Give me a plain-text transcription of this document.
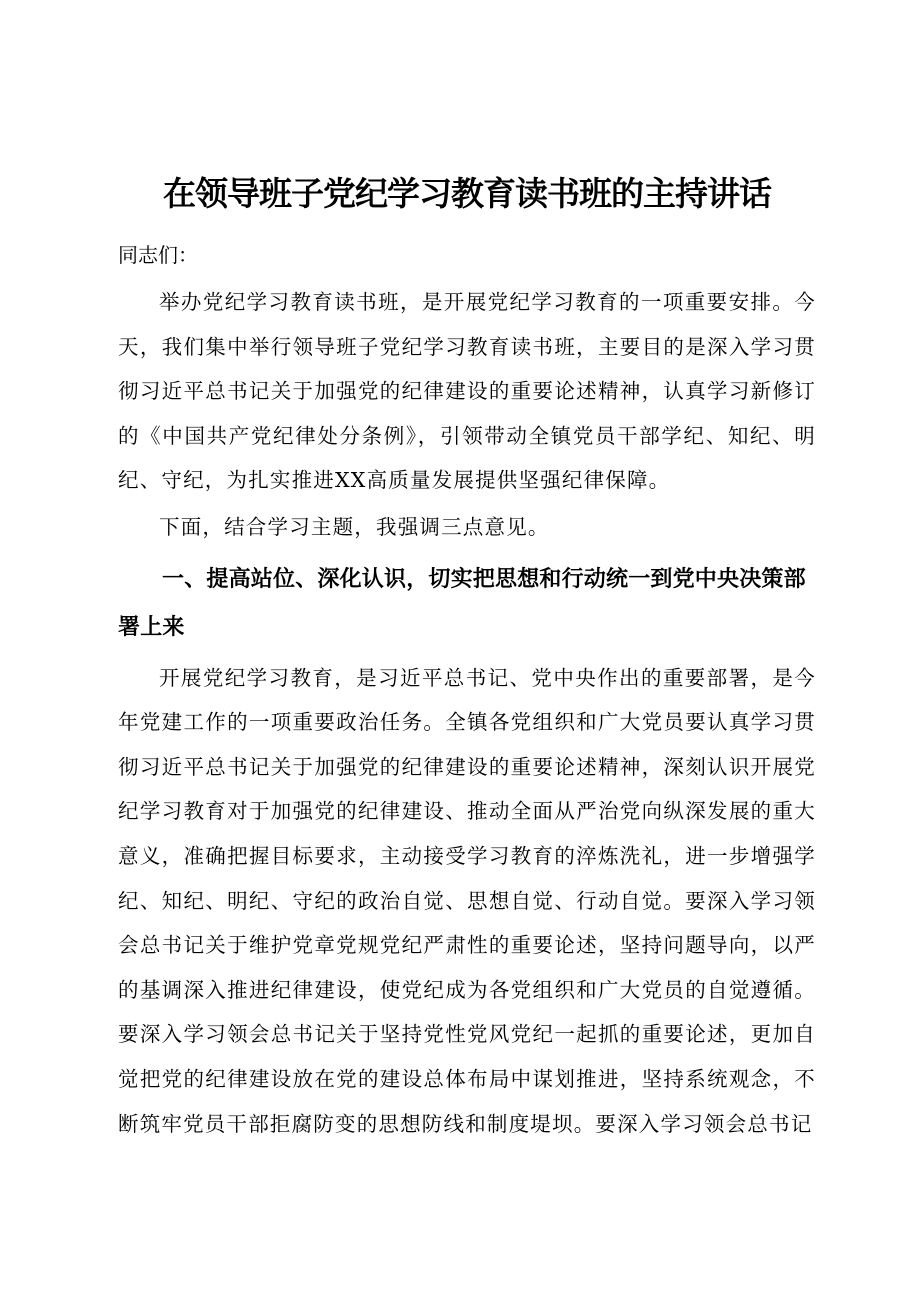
在领导班子党纪学习教育读书班的主持讲话

同志们：

举办党纪学习教育读书班，是开展党纪学习教育的一项重要安排。今天，我们集中举行领导班子党纪学习教育读书班，主要目的是深入学习贯彻习近平总书记关于加强党的纪律建设的重要论述精神，认真学习新修订的《中国共产党纪律处分条例》，引领带动全镇党员干部学纪、知纪、明纪、守纪，为扎实推进XX高质量发展提供坚强纪律保障。

下面，结合学习主题，我强调三点意见。

一、提高站位、深化认识，切实把思想和行动统一到党中央决策部署上来

开展党纪学习教育，是习近平总书记、党中央作出的重要部署，是今年党建工作的一项重要政治任务。全镇各党组织和广大党员要认真学习贯彻习近平总书记关于加强党的纪律建设的重要论述精神，深刻认识开展党纪学习教育对于加强党的纪律建设、推动全面从严治党向纵深发展的重大意义，准确把握目标要求，主动接受学习教育的淬炼洗礼，进一步增强学纪、知纪、明纪、守纪的政治自觉、思想自觉、行动自觉。要深入学习领会总书记关于维护党章党规党纪严肃性的重要论述，坚持问题导向，以严的基调深入推进纪律建设，使党纪成为各党组织和广大党员的自觉遵循。要深入学习领会总书记关于坚持党性党风党纪一起抓的重要论述，更加自觉把党的纪律建设放在党的建设总体布局中谋划推进，坚持系统观念，不断筑牢党员干部拒腐防变的思想防线和制度堤坝。要深入学习领会总书记
